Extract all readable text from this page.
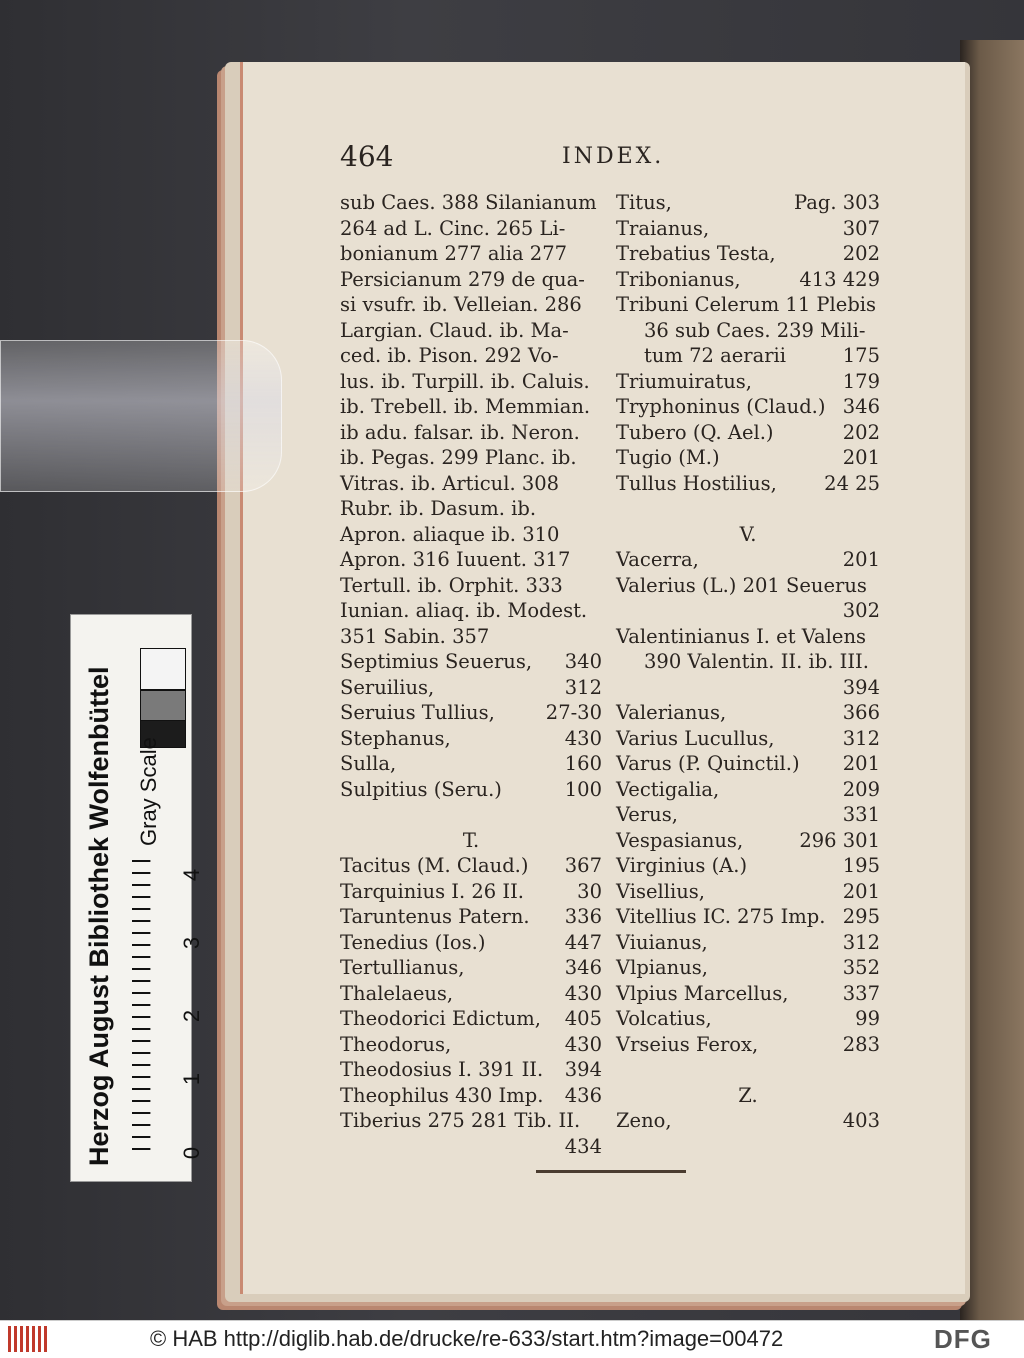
464	INDEX.
sub Caes. 388 Silanianum
264 ad L. Cinc. 265 Li-
bonianum 277 alia 277
Persicianum 279 de qua-
si vsufr. ib. Velleian. 286
Largian. Claud. ib. Ma-
ced. ib. Pison. 292 Vo-
lus. ib. Turpill. ib. Caluis.
ib. Trebell. ib. Memmian.
ib adu. falsar. ib. Neron.
ib. Pegas. 299 Planc. ib.
Vitras. ib. Articul. 308
Rubr. ib. Dasum. ib.
Apron. aliaque ib. 310
Apron. 316 Iuuent. 317
Tertull. ib. Orphit. 333
Iunian. aliaq. ib. Modest.
351 Sabin. 357
Septimius Seuerus, 340
Seruilius,	312
Seruius Tullius,	27-30
Stephanus,	430
Sulla,	160
Sulpitius (Seru.)	100
T.
Tacitus (M. Claud.) 367
Tarquinius I. 26 II.	30
Taruntenus Patern. 336
Tenedius (Ios.)	447
Tertullianus,	346
Thalelaeus,	430
Theodorici Edictum, 405
Theodorus,	430
Theodosius I. 391 II. 394
Theophilus 430 Imp. 436
Tiberius 275 281 Tib. II.
434
Titus,	Pag. 303
Traianus,	307
Trebatius Testa,	202
Tribonianus,	413 429
Tribuni Celerum 11 Plebis
36 sub Caes. 239 Mili-
tum 72 aerarii	175
Triumuiratus,	179
Tryphoninus (Claud.) 346
Tubero (Q. Ael.)	202
Tugio (M.)	201
Tullus Hostilius, 24 25
V.
Vacerra,	201
Valerius (L.) 201 Seuerus
302
Valentinianus I. et Valens
390 Valentin. II. ib. III.
394
Valerianus,	366
Varius Lucullus,	312
Varus (P. Quinctil.) 201
Vectigalia,	209
Verus,	331
Vespasianus,	296 301
Virginius (A.)	195
Visellius,	201
Vitellius IC. 275 Imp. 295
Viuianus,	312
Vlpianus,	352
Vlpius Marcellus,	337
Volcatius,	99
Vrseius Ferox,	283
Z.
Zeno,	403
Herzog August Bibliothek Wolfenbüttel Gray Scale
0
1
2
3
4
© HAB http://diglib.hab.de/drucke/re-633/start.htm?image=00472	DFG
